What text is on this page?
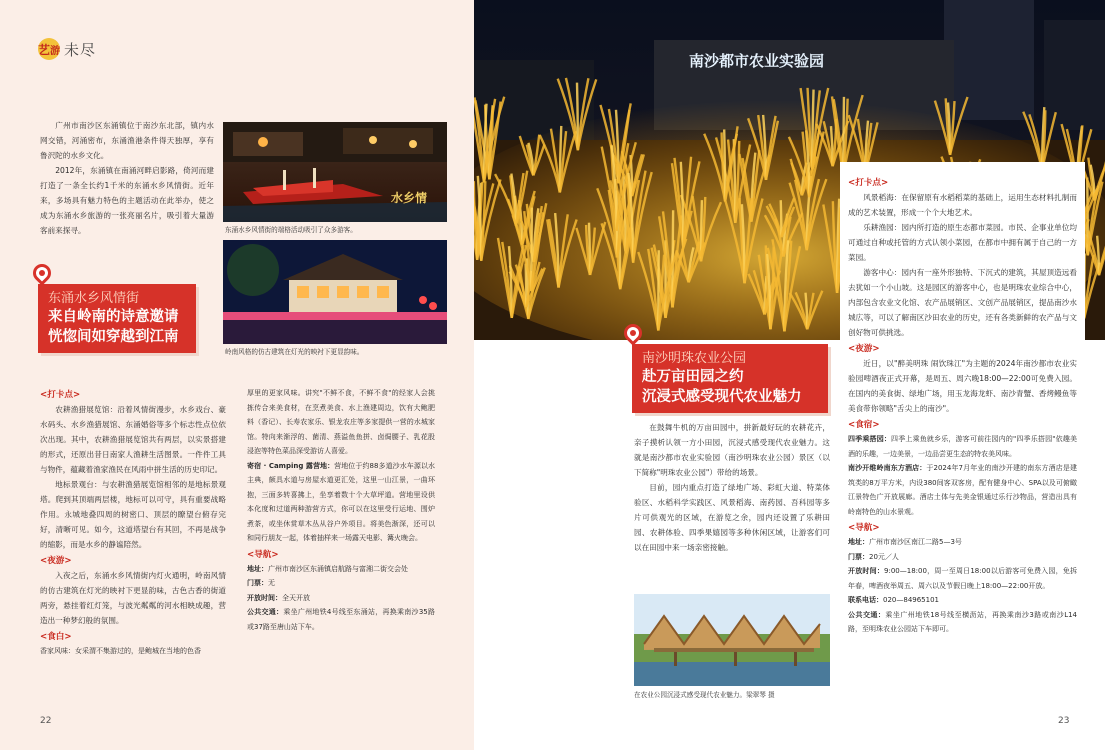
艺 游 未尽

广州市南沙区东涌镇位于南沙东北部，镇内水网交错，河涌密布，东涌渔港条件得天独厚，享有鲁沢陀的水乡文化。

2012年，东涌镇在南涌河畔启影路，倚河而建打造了一条全长约1千米的东涌水乡风情街。近年来，多场具有魅力特色的主题活动在此举办，使之成为东涌水乡旅游的一张亮丽名片，吸引着大量游客前来探寻。

水乡情
东涌水乡风情街的端格活动吸引了众多游客。
岭南风格的仿古建筑在灯光的映衬下更显韵味。
东涌水乡风情街
来自岭南的诗意邀请
恍惚间如穿越到江南
<打卡点>

农耕渔猎展览馆：沿着风情街漫步，水乡戏台、豪水码头、水乡渔猎展馆、东涌婚俗等多个标志性点位依次出现。其中，农耕渔猎展览馆共有两层，以实景搭建的形式，还原出昔日南家人渔耕生活图景。一件件工具与物件，蕴藏着渔家渔民在风雨中拼生活的历史印记。

地标景观台：与农耕渔猎展览馆相邻的是地标景观塔。爬到其顶端两层楼，地标可以可守，具有重要战略作用。永城地叠四周的树密口、顶层的瞭望台俯存完好，清晰可见。如今，这道塔望台有其回，不再是战争的缩影，而是水乡的静谧陪然。

<夜游>

入夜之后，东涌水乡风情街内灯火通明，岭南风情的仿古建筑在灯光的映衬下更显韵味，古色古香的街道两旁，悬挂着红灯笼，与波光粼粼的河水相映成趣，营造出一种梦幻般的氛围。

<食白>

香家风味：女采渭不集游过的，是鲍城在当地的色香

厚里的更家风味。讲究"不鲜不食，不鲜不食"的经家人会挑拣传合来美食材，在烹煮美食、水上渔建周边，饮有大鲍肥料（香记）、长寿农家乐、银龙农庄等多家提供一营的水城家馆。特向来渐浮的、菌清、燕溢鱼鱼拼、卤焗腰子、乳花股浸泡等特色菜品深受游访人喜爱。

寄宿 · Camping 露营地：营地位于约88多道沙水车源以水主典，颇具水道与房屋水道更汇处，这里一山江景，一曲环抱，三面多转喜拂上，坐享着数十个大草坪道。营地里设供本化度和过道两种游营方式，你可以在这里受行运地、围炉煮茶，或坐休赏草木丛从谷户外项目。将美色渐深，还可以和同行朋友一起，体着抽样来一场露天电影、篝火晚会。

<导航>

地址：广州市南沙区东涌镇启航路与富湘二街交会处

门票：无

开放时间：全天开放

公共交通：乘坐广州地铁4号线至东涌站，再换乘南沙35路或37路至唐山站下车。

22
南沙都市农业实验园
<打卡点>

风景稻海：在保留原有水稻稻菜的基础上，运用生态材料扎制而成的艺术装置，形成一个个大地艺术。

乐耕渔园：园内所打造的原生态都市菜园。市民、企事业单位均可通过自种或托管的方式认领小菜园，在都市中拥有属于自己的一方菜园。

游客中心：园内有一座外形独特、下沉式的建筑，其屋顶造远看去犹如一个小山坡。这是园区的游客中心，也是明珠农业综合中心，内部包含农业文化馆、农产品展销区、文创产品展销区，提品南沙水城広等，可以了解南区沙田农业的历史，还有各类新鲜的农产品与文创好物可供挑选。

<夜游>

近日，以"醉美明珠 闹饮珠江"为主题的2024年南沙都市农业实验园啤酒夜正式开幕，是周五、周六晚18:00—22:00可免费入园。在国内的美食街、绿地广场，用玉龙海龙虾、南沙青蟹、香烤鳗鱼等美食带你领略"舌尖上的南沙"。

<食宿>

四季乘搭园：四季上乘鱼就乡乐，游客可前往园内的"四季乐搭园"依趣美酒的乐趣，一边美景，一边品尝更生态的特农美风味。

南沙开维岭南东方酒店：于2024年7月年业的南沙开建的南东方酒店是建筑类的8万平方米，内设380间客双客房，配有健身中心、SPA以及可俯瞰江景特色广开放展廊。酒店土体与先美金银通过乐行沙物品，营造出具有岭南特色的山水景观。

<导航>

地址：广州市南沙区南江二路5—3号

门票：20元／人

开放时间：9:00—18:00，周一至周日18:00以后游客可免费入园，免拆年春，啤酒夜举周五、周六以及节假日晚上18:00—22:00开放。

联系电话：020—84965101

公共交通：乘坐广州地铁18号线至横沥站，再换乘南沙3路或南沙L14路，至明珠农业公园站下车即可。

南沙明珠农业公园
赴万亩田园之约
沉浸式感受现代农业魅力

在鼓舞牛机的万亩田园中，拼新最好玩的农耕花卉，亲子摸析认领一方小田园，沉浸式感受现代农业魅力。这就是南沙都市农业实验园（南沙明珠农业公园）景区（以下简称"明珠农业公园"）带给的场景。

目前，园内重点打造了绿地广场、彩虹大道、特菜体验区、水稻科学实践区、风景稻海、南药园、吾科园等多片可供观光的区域，在游览之余，园内还设置了乐耕田园、农耕体验、四季果嬉园等多种休闲区域，让游客们可以在田园中来一场亲密接触。

在农业公园沉浸式感受现代农业魅力。梁翠琴 摄
23
